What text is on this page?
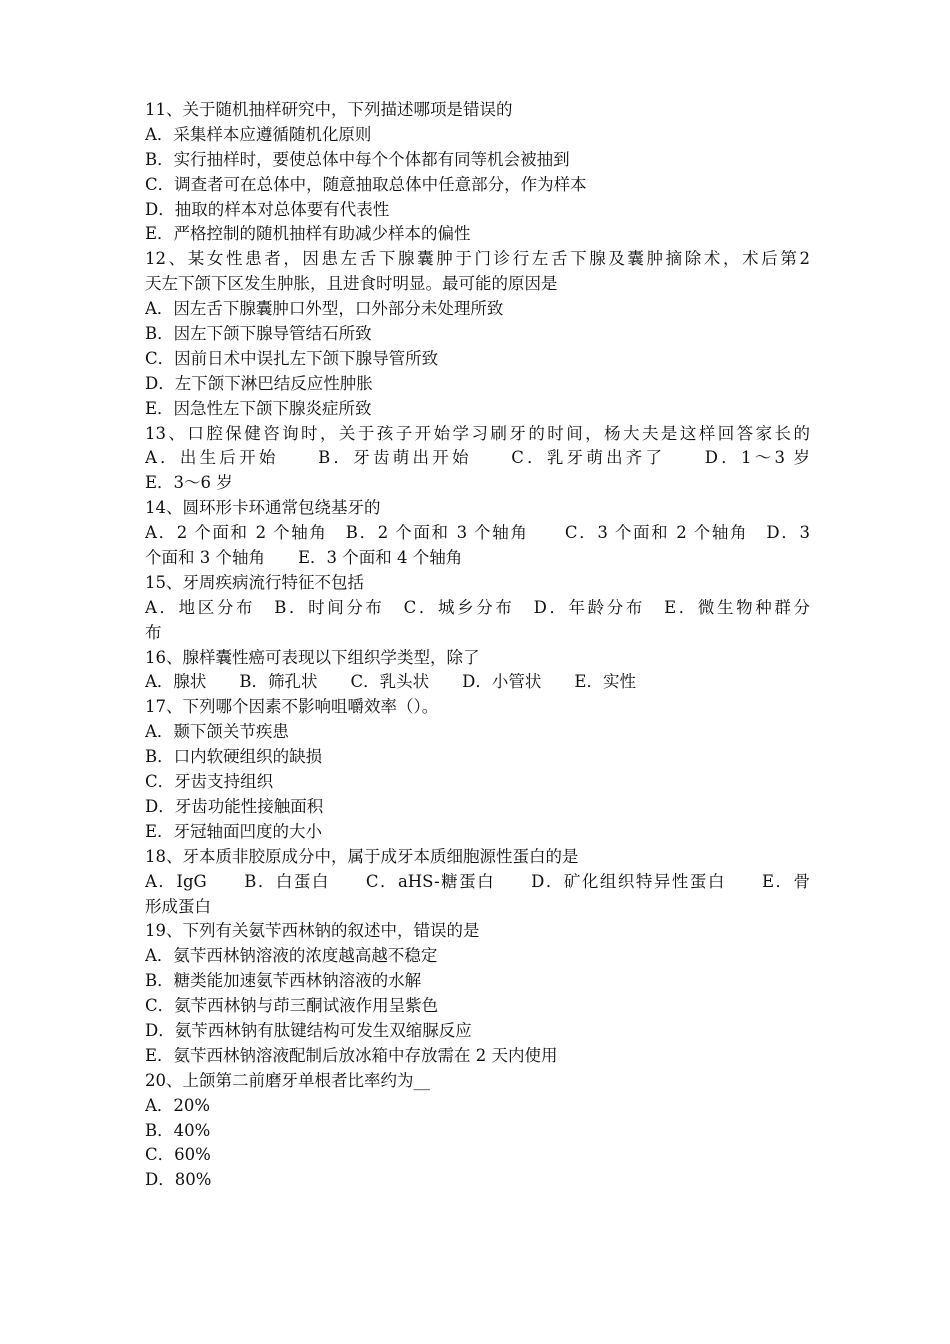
11、关于随机抽样研究中，下列描述哪项是错误的
A．采集样本应遵循随机化原则
B．实行抽样时，要使总体中每个个体都有同等机会被抽到
C．调查者可在总体中，随意抽取总体中任意部分，作为样本
D．抽取的样本对总体要有代表性
E．严格控制的随机抽样有助减少样本的偏性
12、某女性患者，因患左舌下腺囊肿于门诊行左舌下腺及囊肿摘除术，术后第2
天左下颌下区发生肿胀，且进食时明显。最可能的原因是
A．因左舌下腺囊肿口外型，口外部分未处理所致
B．因左下颌下腺导管结石所致
C．因前日术中误扎左下颌下腺导管所致
D．左下颌下淋巴结反应性肿胀
E．因急性左下颌下腺炎症所致
13、口腔保健咨询时，关于孩子开始学习刷牙的时间，杨大夫是这样回答家长的
A．出生后开始　　B．牙齿萌出开始　　C．乳牙萌出齐了　　D．1～3 岁
E．3～6 岁
14、圆环形卡环通常包绕基牙的
A．2 个面和 2 个轴角　B．2 个面和 3 个轴角　　C．3 个面和 2 个轴角　D．3
个面和 3 个轴角　　E．3 个面和 4 个轴角
15、牙周疾病流行特征不包括
A．地区分布　B．时间分布　C．城乡分布　D．年龄分布　E．微生物种群分
布
16、腺样囊性癌可表现以下组织学类型，除了
A．腺状　　B．筛孔状　　C．乳头状　　D．小管状　　E．实性
17、下列哪个因素不影响咀嚼效率（）。
A．颞下颌关节疾患
B．口内软硬组织的缺损
C．牙齿支持组织
D．牙齿功能性接触面积
E．牙冠轴面凹度的大小
18、牙本质非胶原成分中，属于成牙本质细胞源性蛋白的是
A．IgG　　B．白蛋白　　C．aHS-糖蛋白　　D．矿化组织特异性蛋白　　E．骨
形成蛋白
19、下列有关氨苄西林钠的叙述中，错误的是
A．氨苄西林钠溶液的浓度越高越不稳定
B．糖类能加速氨苄西林钠溶液的水解
C．氨苄西林钠与茚三酮试液作用呈紫色
D．氨苄西林钠有肽键结构可发生双缩脲反应
E．氨苄西林钠溶液配制后放冰箱中存放需在 2 天内使用
20、上颌第二前磨牙单根者比率约为__
A．20%
B．40%
C．60%
D．80%
